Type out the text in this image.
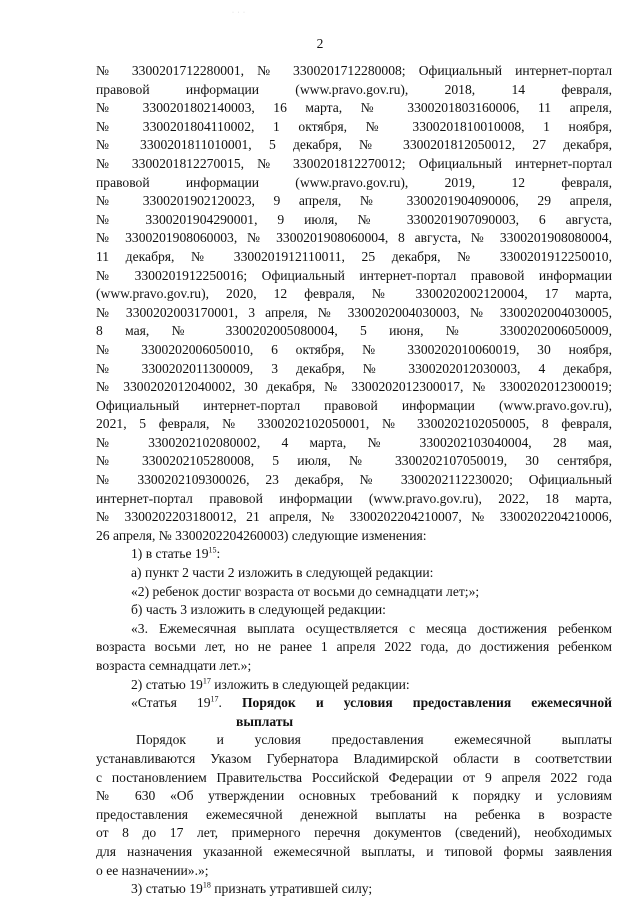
· · ·
2

№ 3300201712280001, № 3300201712280008; Официальный интернет-портал

правовой информации (www.pravo.gov.ru), 2018, 14 февраля,

№ 3300201802140003, 16 марта, № 3300201803160006, 11 апреля,

№ 3300201804110002, 1 октября, № 3300201810010008, 1 ноября,

№ 3300201811010001, 5 декабря, № 3300201812050012, 27 декабря,

№ 3300201812270015, № 3300201812270012; Официальный интернет-портал

правовой информации (www.pravo.gov.ru), 2019, 12 февраля,

№ 3300201902120023, 9 апреля, № 3300201904090006, 29 апреля,

№ 3300201904290001, 9 июля, № 3300201907090003, 6 августа,

№ 3300201908060003, № 3300201908060004, 8 августа, № 3300201908080004,

11 декабря, № 3300201912110011, 25 декабря, № 3300201912250010,

№ 3300201912250016; Официальный интернет-портал правовой информации

(www.pravo.gov.ru), 2020, 12 февраля, № 3300202002120004, 17 марта,

№ 3300202003170001, 3 апреля, № 3300202004030003, № 3300202004030005,

8 мая, № 3300202005080004, 5 июня, № 3300202006050009,

№ 3300202006050010, 6 октября, № 3300202010060019, 30 ноября,

№ 3300202011300009, 3 декабря, № 3300202012030003, 4 декабря,

№ 3300202012040002, 30 декабря, № 3300202012300017, № 3300202012300019;

Официальный интернет-портал правовой информации (www.pravo.gov.ru),

2021, 5 февраля, № 3300202102050001, № 3300202102050005, 8 февраля,

№ 3300202102080002, 4 марта, № 3300202103040004, 28 мая,

№ 3300202105280008, 5 июля, № 3300202107050019, 30 сентября,

№ 3300202109300026, 23 декабря, № 3300202112230020; Официальный

интернет-портал правовой информации (www.pravo.gov.ru), 2022, 18 марта,

№ 3300202203180012, 21 апреля, № 3300202204210007, № 3300202204210006,

26 апреля, № 3300202204260003) следующие изменения:

1) в статье $19^{15}$:

а) пункт 2 части 2 изложить в следующей редакции:

«2) ребенок достиг возраста от восьми до семнадцати лет;»;

б) часть 3 изложить в следующей редакции:

«3. Ежемесячная выплата осуществляется с месяца достижения ребенком

возраста восьми лет, но не ранее 1 апреля 2022 года, до достижения ребенком

возраста семнадцати лет.»;

2) статью $19^{17}$ изложить в следующей редакции:

«Статья $19^{17}$. Порядок и условия предоставления ежемесячной

выплаты

Порядок и условия предоставления ежемесячной выплаты

устанавливаются Указом Губернатора Владимирской области в соответствии

с постановлением Правительства Российской Федерации от 9 апреля 2022 года

№ 630 «Об утверждении основных требований к порядку и условиям

предоставления ежемесячной денежной выплаты на ребенка в возрасте

от 8 до 17 лет, примерного перечня документов (сведений), необходимых

для назначения указанной ежемесячной выплаты, и типовой формы заявления

о ее назначении».»;

3) статью $19^{18}$ признать утратившей силу;
